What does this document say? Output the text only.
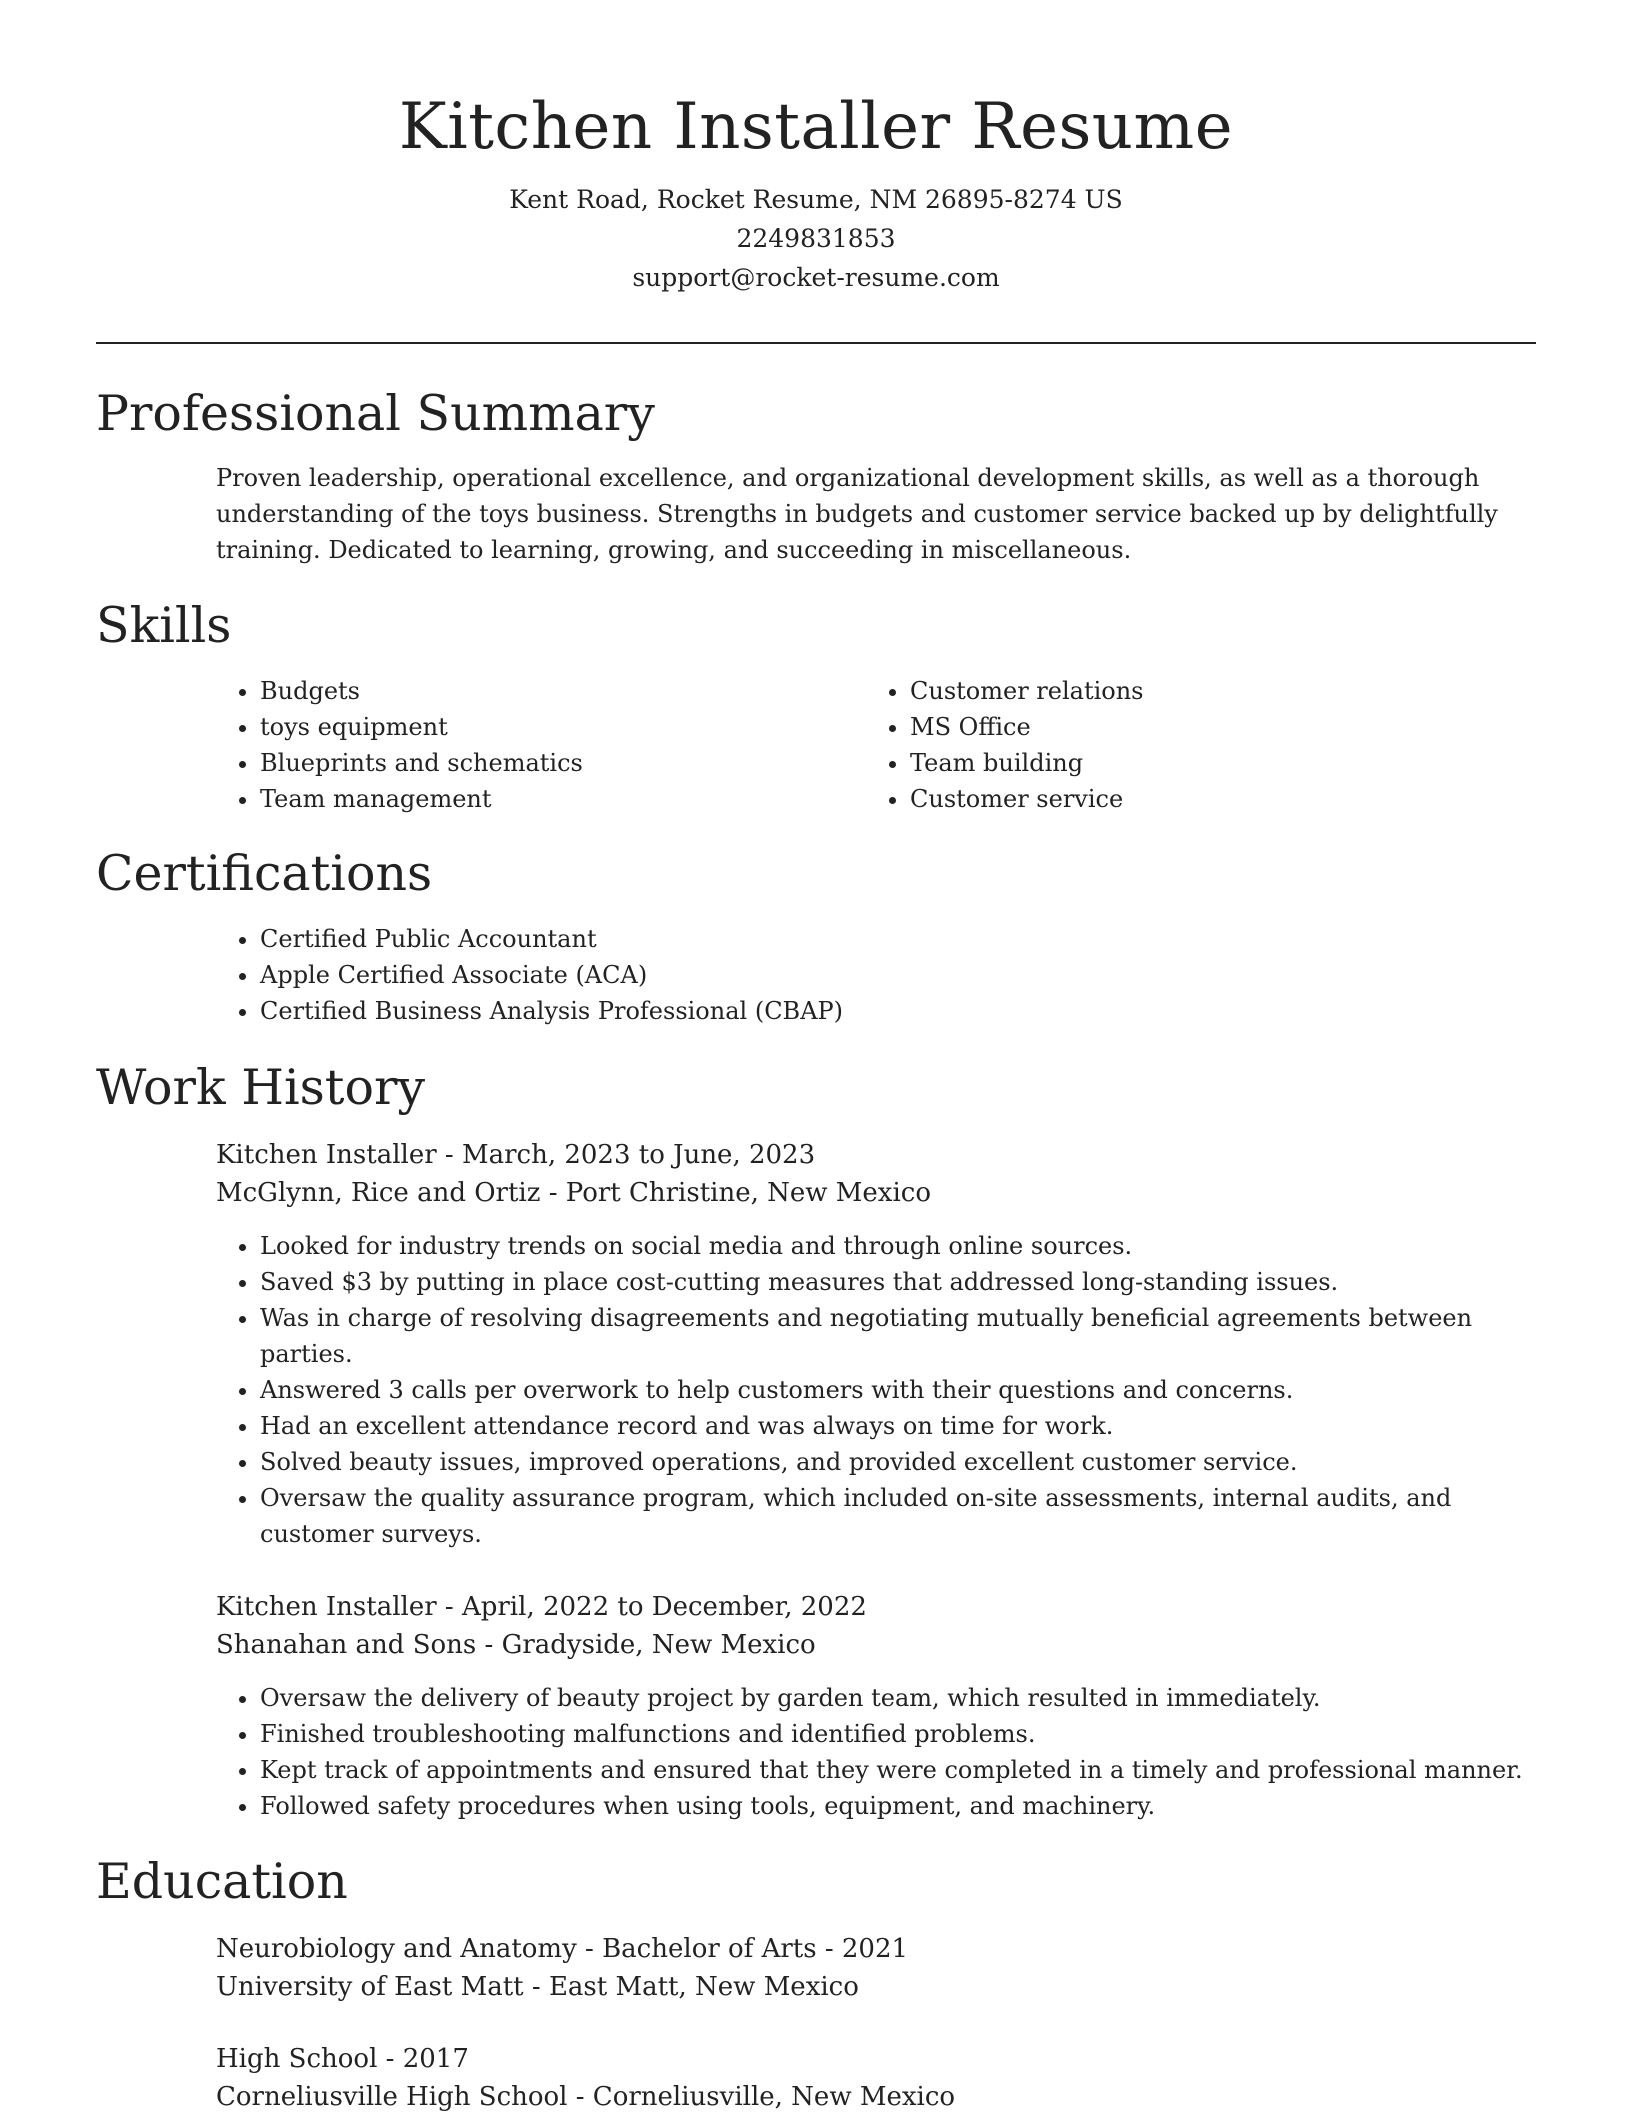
Kitchen Installer Resume
Kent Road, Rocket Resume, NM 26895-8274 US
2249831853
support@rocket-resume.com
Professional Summary

Proven leadership, operational excellence, and organizational development skills, as well as a thorough understanding of the toys business. Strengths in budgets and customer service backed up by delightfully training. Dedicated to learning, growing, and succeeding in miscellaneous.

Skills
• Budgets
• toys equipment
• Blueprints and schematics
• Team management
• Customer relations
• MS Office
• Team building
• Customer service
Certifications
• Certified Public Accountant
• Apple Certified Associate (ACA)
• Certified Business Analysis Professional (CBAP)
Work History

Kitchen Installer - March, 2023 to June, 2023

McGlynn, Rice and Ortiz - Port Christine, New Mexico

• Looked for industry trends on social media and through online sources.
• Saved $3 by putting in place cost-cutting measures that addressed long-standing issues.
• Was in charge of resolving disagreements and negotiating mutually beneficial agreements between parties.
• Answered 3 calls per overwork to help customers with their questions and concerns.
• Had an excellent attendance record and was always on time for work.
• Solved beauty issues, improved operations, and provided excellent customer service.
• Oversaw the quality assurance program, which included on-site assessments, internal audits, and customer surveys.

Kitchen Installer - April, 2022 to December, 2022

Shanahan and Sons - Gradyside, New Mexico

• Oversaw the delivery of beauty project by garden team, which resulted in immediately.
• Finished troubleshooting malfunctions and identified problems.
• Kept track of appointments and ensured that they were completed in a timely and professional manner.
• Followed safety procedures when using tools, equipment, and machinery.
Education

Neurobiology and Anatomy - Bachelor of Arts - 2021

University of East Matt - East Matt, New Mexico

High School - 2017

Corneliusville High School - Corneliusville, New Mexico
